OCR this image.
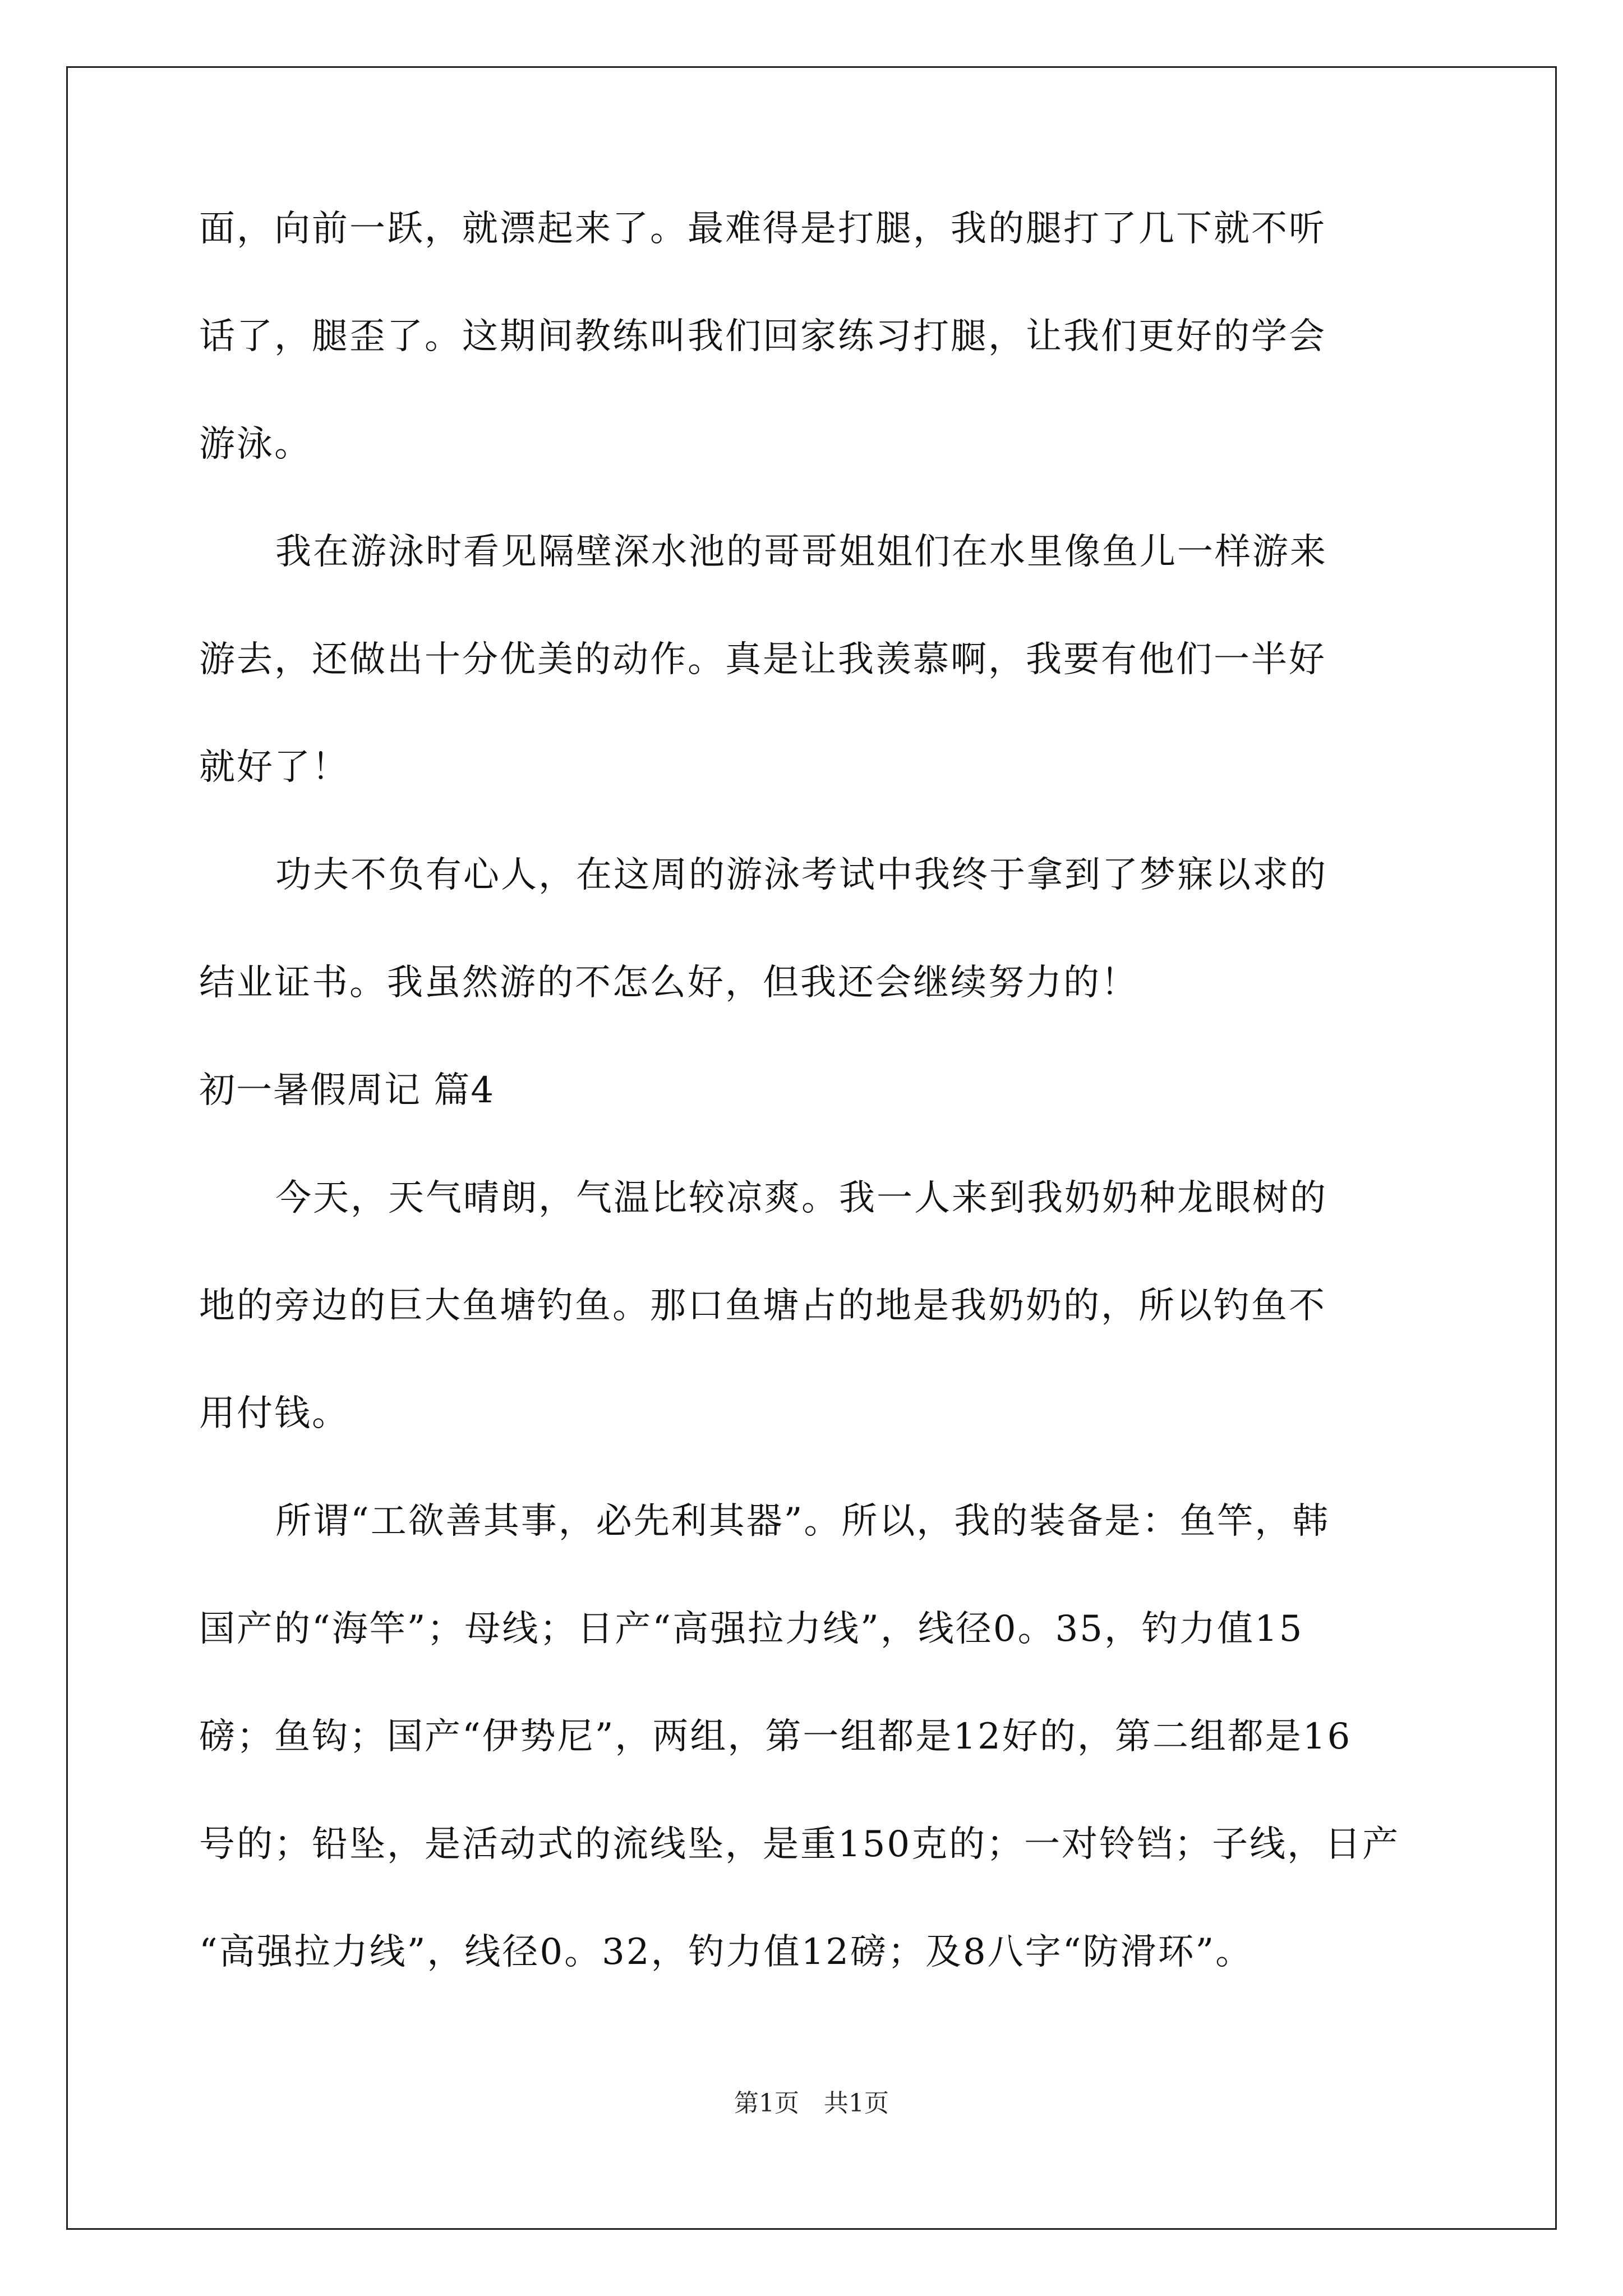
面，向前一跃，就漂起来了。最难得是打腿，我的腿打了几下就不听
话了，腿歪了。这期间教练叫我们回家练习打腿，让我们更好的学会
游泳。
我在游泳时看见隔壁深水池的哥哥姐姐们在水里像鱼儿一样游来
游去，还做出十分优美的动作。真是让我羡慕啊，我要有他们一半好
就好了！
功夫不负有心人，在这周的游泳考试中我终于拿到了梦寐以求的
结业证书。我虽然游的不怎么好，但我还会继续努力的！
初一暑假周记 篇4
今天，天气晴朗，气温比较凉爽。我一人来到我奶奶种龙眼树的
地的旁边的巨大鱼塘钓鱼。那口鱼塘占的地是我奶奶的，所以钓鱼不
用付钱。
所谓“工欲善其事，必先利其器”。所以，我的装备是：鱼竿，韩
国产的“海竿”；母线；日产“高强拉力线”，线径0。35，钓力值15
磅；鱼钩；国产“伊势尼”，两组，第一组都是12好的，第二组都是16
号的；铅坠，是活动式的流线坠，是重150克的；一对铃铛；子线，日产
“高强拉力线”，线径0。32，钓力值12磅；及8八字“防滑环”。
第1页　共1页
